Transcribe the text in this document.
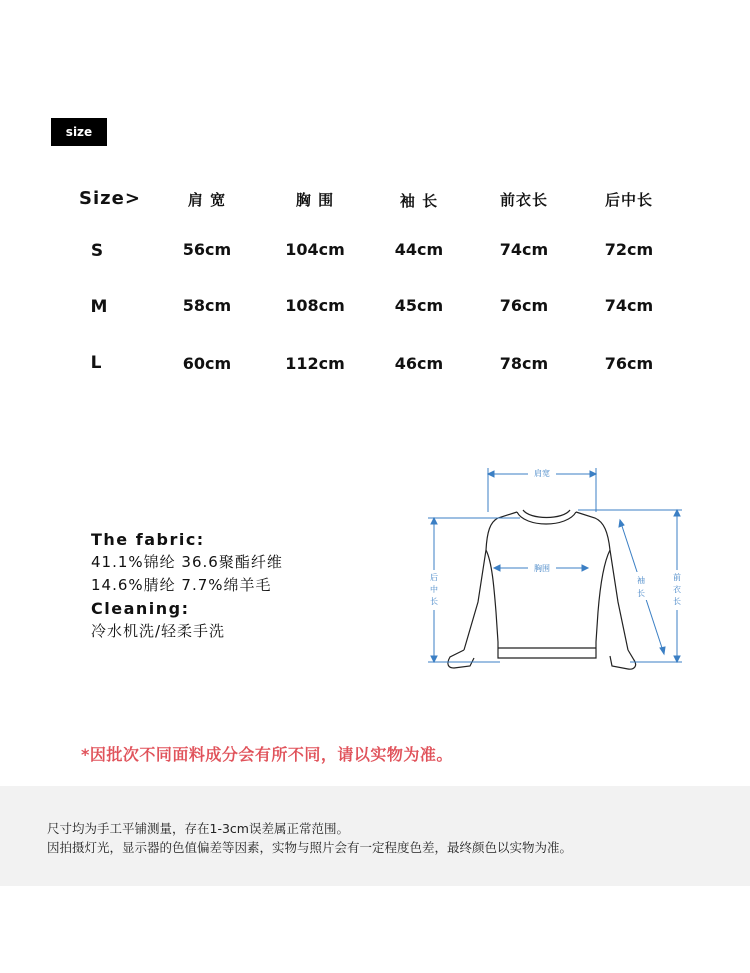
size
Size>	肩 宽	胸 围	袖 长	前衣长	后中长
S	56cm	104cm	44cm	74cm	72cm
M	58cm	108cm	45cm	76cm	74cm
L	60cm	112cm	46cm	78cm	76cm
The fabric:
41.1%锦纶 36.6聚酯纤维
14.6%腈纶 7.7%绵羊毛
Cleaning:
冷水机洗/轻柔手洗
肩宽
胸围
后
中
长
袖
长
前
衣
长
*因批次不同面料成分会有所不同，请以实物为准。
尺寸均为手工平铺测量，存在1-3cm误差属正常范围。
因拍摄灯光，显示器的色值偏差等因素，实物与照片会有一定程度色差，最终颜色以实物为准。
